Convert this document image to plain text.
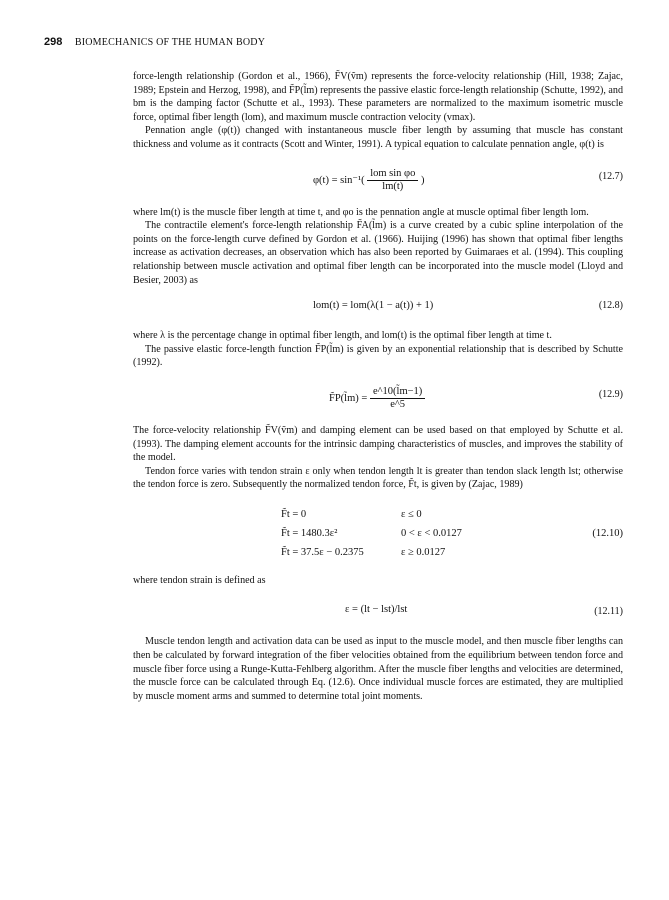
298 BIOMECHANICS OF THE HUMAN BODY

force-length relationship (Gordon et al., 1966), F̃V(ṽm) represents the force-velocity relationship (Hill, 1938; Zajac, 1989; Epstein and Herzog, 1998), and F̃P(l̃m) represents the passive elastic force-length relationship (Schutte, 1992), and bm is the damping factor (Schutte et al., 1993). These parameters are normalized to the maximum isometric muscle force, optimal fiber length (lom), and maximum muscle contraction velocity (vmax).

Pennation angle (φ(t)) changed with instantaneous muscle fiber length by assuming that muscle has constant thickness and volume as it contracts (Scott and Winter, 1991). A typical equation to calculate pennation angle, φ(t) is

$\varphi(t) = \sin^{-1}( \frac{\text{lom sin φo}}{lm(t)}$ )	(12.7)

where lm(t) is the muscle fiber length at time t, and φo is the pennation angle at muscle optimal fiber length lom.

The contractile element's force-length relationship F̃A(l̃m) is a curve created by a cubic spline interpolation of the points on the force-length curve defined by Gordon et al. (1966). Huijing (1996) has shown that optimal fiber lengths increase as activation decreases, an observation which has also been reported by Guimaraes et al. (1994). This coupling relationship between muscle activation and optimal fiber length can be incorporated into the muscle model (Lloyd and Besier, 2003) as

lom(t) = lom(λ(1 − a(t)) + 1)	(12.8)

where λ is the percentage change in optimal fiber length, and lom(t) is the optimal fiber length at time t.

The passive elastic force-length function F̃P(l̃m) is given by an exponential relationship that is described by Schutte (1992).

F̃P(l̃m) = $\frac{e\^{}10(l̃m-1)}{e\^{}5}$	(12.9)

The force-velocity relationship F̃V(ṽm) and damping element can be used based on that employed by Schutte et al. (1993). The damping element accounts for the intrinsic damping characteristics of muscles, and improves the stability of the model.

Tendon force varies with tendon strain ε only when tendon length lt is greater than tendon slack length lst; otherwise the tendon force is zero. Subsequently the normalized tendon force, F̃t, is given by (Zajac, 1989)

F̃t = 0	ε ≤ 0
F̃t = 1480.3ε²	0 < ε < 0.0127
F̃t = 37.5ε − 0.2375	ε ≥ 0.0127
(12.10)

where tendon strain is defined as

ε = (lt − lst)/lst	(12.11)

Muscle tendon length and activation data can be used as input to the muscle model, and then muscle fiber lengths can then be calculated by forward integration of the fiber velocities obtained from the equilibrium between tendon force and muscle fiber force using a Runge-Kutta-Fehlberg algorithm. After the muscle fiber lengths and velocities are determined, the muscle force can be calculated through Eq. (12.6). Once individual muscle forces are estimated, they are multiplied by muscle moment arms and summed to determine total joint moments.
